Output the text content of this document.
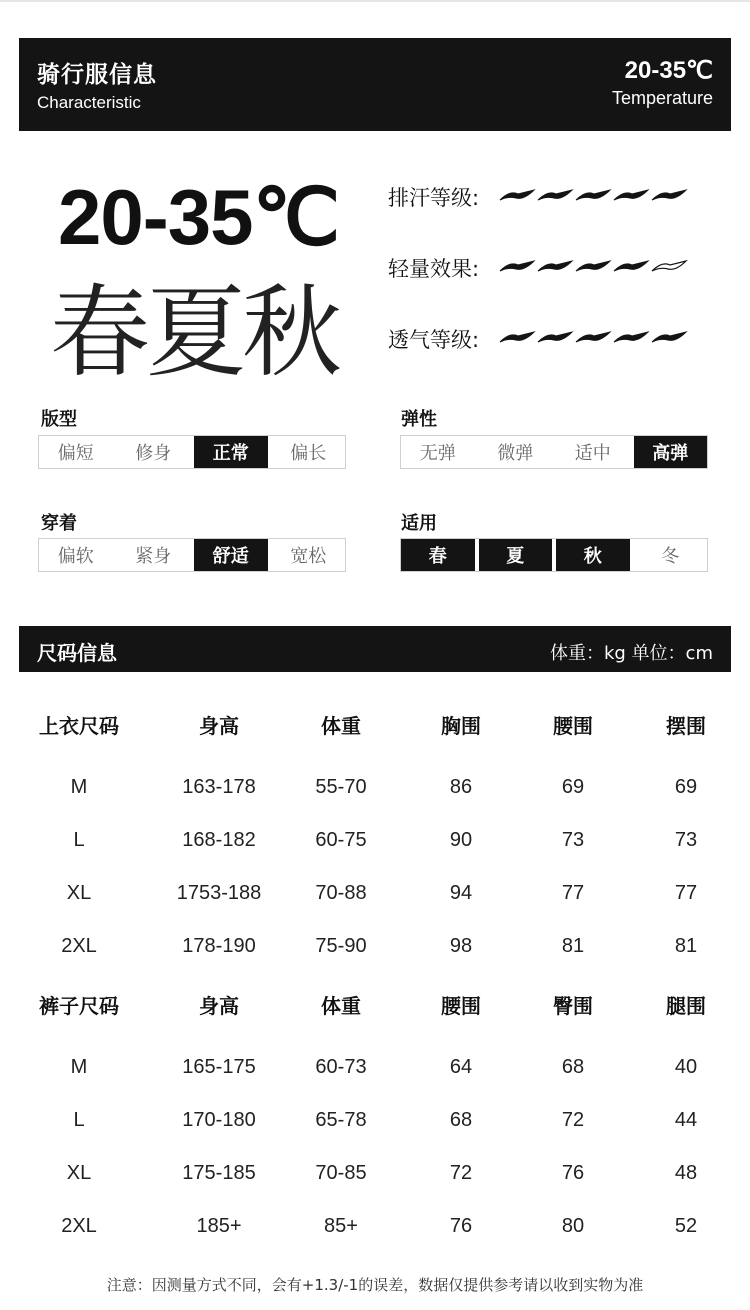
骑行服信息
Characteristic
20-35℃
Temperature
20-35℃
春夏秋
排汗等级:
轻量效果:
透气等级:
版型
偏短	修身	正常	偏长
弹性
无弹	微弹	适中	高弹
穿着
偏软	紧身	舒适	宽松
适用
春	夏	秋	冬
尺码信息	体重：kg 单位：cm
上衣尺码	身高	体重	胸围	腰围	摆围
M	163-178	55-70	86	69	69
L	168-182	60-75	90	73	73
XL	1753-188	70-88	94	77	77
2XL	178-190	75-90	98	81	81
裤子尺码	身高	体重	腰围	臀围	腿围
M	165-175	60-73	64	68	40
L	170-180	65-78	68	72	44
XL	175-185	70-85	72	76	48
2XL	185+	85+	76	80	52
注意：因测量方式不同，会有+1.3/-1的误差，数据仅提供参考请以收到实物为准
